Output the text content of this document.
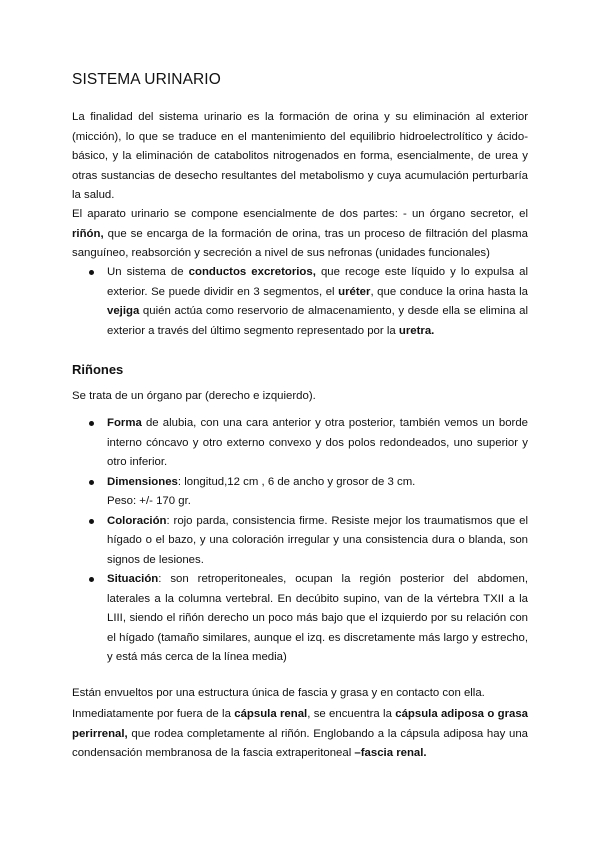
SISTEMA URINARIO

La finalidad del sistema urinario es la formación de orina y su eliminación al exterior (micción), lo que se traduce en el mantenimiento del equilibrio hidroelectrolítico y ácido-básico, y la eliminación de catabolitos nitrogenados en forma, esencialmente, de urea y otras sustancias de desecho resultantes del metabolismo y cuya acumulación perturbaría la salud.

El aparato urinario se compone esencialmente de dos partes: - un órgano secretor, el riñón, que se encarga de la formación de orina, tras un proceso de filtración del plasma sanguíneo, reabsorción y secreción a nivel de sus nefronas (unidades funcionales)

Un sistema de conductos excretorios, que recoge este líquido y lo expulsa al exterior. Se puede dividir en 3 segmentos, el uréter, que conduce la orina hasta la vejiga quién actúa como reservorio de almacenamiento, y desde ella se elimina al exterior a través del último segmento representado por la uretra.
Riñones

Se trata de un órgano par (derecho e izquierdo).

Forma de alubia, con una cara anterior y otra posterior, también vemos un borde interno cóncavo y otro externo convexo y dos polos redondeados, uno superior y otro inferior.
Dimensiones: longitud,12 cm , 6 de ancho y grosor de 3 cm.
Peso: +/- 170 gr.
Coloración: rojo parda, consistencia firme. Resiste mejor los traumatismos que el hígado o el bazo, y una coloración irregular y una consistencia dura o blanda, son signos de lesiones.
Situación: son retroperitoneales, ocupan la región posterior del abdomen, laterales a la columna vertebral. En decúbito supino, van de la vértebra TXII a la LIII, siendo el riñón derecho un poco más bajo que el izquierdo por su relación con el hígado (tamaño similares, aunque el izq. es discretamente más largo y estrecho, y está más cerca de la línea media)

Están envueltos por una estructura única de fascia y grasa y en contacto con ella.

Inmediatamente por fuera de la cápsula renal, se encuentra la cápsula adiposa o grasa perirrenal, que rodea completamente al riñón. Englobando a la cápsula adiposa hay una condensación membranosa de la fascia extraperitoneal –fascia renal.
